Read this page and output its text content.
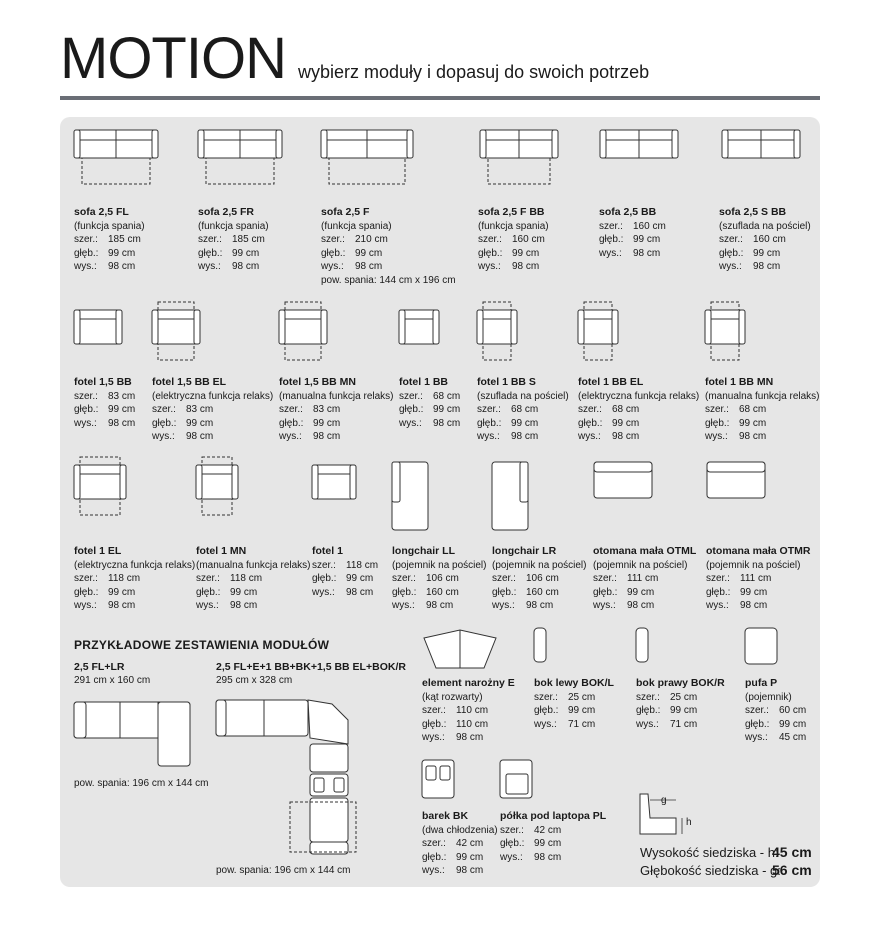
MOTION wybierz moduły i dopasuj do swoich potrzeb
sofa 2,5 FL
(funkcja spania)
szer.: 185 cm
głęb.: 99 cm
wys.: 98 cm
sofa 2,5 FR
(funkcja spania)
szer.: 185 cm
głęb.: 99 cm
wys.: 98 cm
sofa 2,5 F
(funkcja spania)
szer.: 210 cm
głęb.: 99 cm
wys.: 98 cm
pow. spania: 144 cm x 196 cm
sofa 2,5 F BB
(funkcja spania)
szer.: 160 cm
głęb.: 99 cm
wys.: 98 cm
sofa 2,5 BB
szer.: 160 cm
głęb.: 99 cm
wys.: 98 cm
sofa 2,5 S BB
(szuflada na pościel)
szer.: 160 cm
głęb.: 99 cm
wys.: 98 cm
fotel 1,5 BB
szer.: 83 cm
głęb.: 99 cm
wys.: 98 cm
fotel 1,5 BB EL
(elektryczna funkcja relaks)
szer.: 83 cm
głęb.: 99 cm
wys.: 98 cm
fotel 1,5 BB MN
(manualna funkcja relaks)
szer.: 83 cm
głęb.: 99 cm
wys.: 98 cm
fotel 1 BB
szer.: 68 cm
głęb.: 99 cm
wys.: 98 cm
fotel 1 BB S
(szuflada na pościel)
szer.: 68 cm
głęb.: 99 cm
wys.: 98 cm
fotel 1 BB EL
(elektryczna funkcja relaks)
szer.: 68 cm
głęb.: 99 cm
wys.: 98 cm
fotel 1 BB MN
(manualna funkcja relaks)
szer.: 68 cm
głęb.: 99 cm
wys.: 98 cm
fotel 1 EL
(elektryczna funkcja relaks)
szer.: 118 cm
głęb.: 99 cm
wys.: 98 cm
fotel 1 MN
(manualna funkcja relaks)
szer.: 118 cm
głęb.: 99 cm
wys.: 98 cm
fotel 1
szer.: 118 cm
głęb.: 99 cm
wys.: 98 cm
longchair LL
(pojemnik na pościel)
szer.: 106 cm
głęb.: 160 cm
wys.: 98 cm
longchair LR
(pojemnik na pościel)
szer.: 106 cm
głęb.: 160 cm
wys.: 98 cm
otomana mała OTML
(pojemnik na pościel)
szer.: 111 cm
głęb.: 99 cm
wys.: 98 cm
otomana mała OTMR
(pojemnik na pościel)
szer.: 111 cm
głęb.: 99 cm
wys.: 98 cm
element narożny E
(kąt rozwarty)
szer.: 110 cm
głęb.: 110 cm
wys.: 98 cm
bok lewy BOK/L
szer.: 25 cm
głęb.: 99 cm
wys.: 71 cm
bok prawy BOK/R
szer.: 25 cm
głęb.: 99 cm
wys.: 71 cm
pufa P
(pojemnik)
szer.: 60 cm
głęb.: 99 cm
wys.: 45 cm
barek BK
(dwa chłodzenia)
szer.: 42 cm
głęb.: 99 cm
wys.: 98 cm
półka pod laptopa PL
szer.: 42 cm
głęb.: 99 cm
wys.: 98 cm
PRZYKŁADOWE ZESTAWIENIA MODUŁÓW
2,5 FL+LR
291 cm x 160 cm
pow. spania: 196 cm x 144 cm
2,5 FL+E+1 BB+BK+1,5 BB EL+BOK/R
295 cm x 328 cm
pow. spania: 196 cm x 144 cm
g
h
Wysokość siedziska - h:
45 cm
Głębokość siedziska - g:
56 cm
